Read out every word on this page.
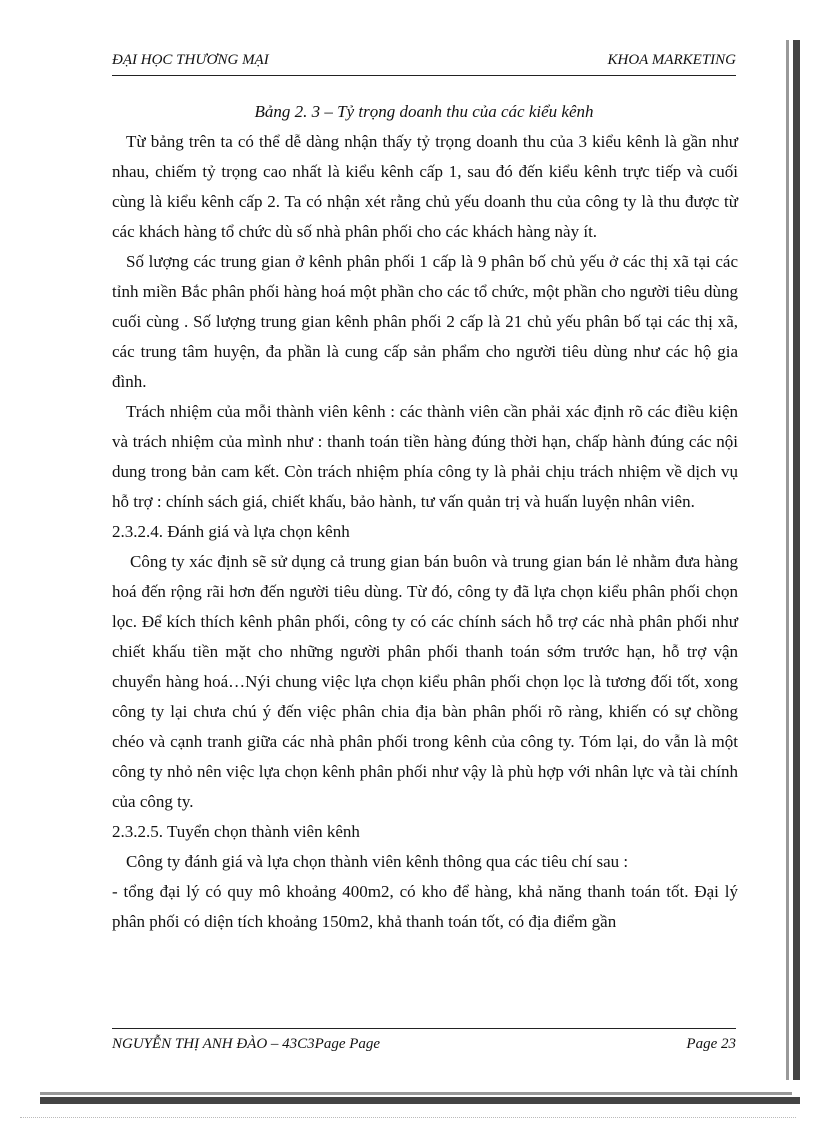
ĐẠI HỌC THƯƠNG MẠI	KHOA MARKETING
Bảng 2. 3 – Tỷ trọng doanh thu của các kiểu kênh

Từ bảng trên ta có thể dễ dàng nhận thấy tỷ trọng doanh thu của 3 kiểu kênh là gần như nhau, chiếm tỷ trọng cao nhất là kiểu kênh cấp 1, sau đó đến kiểu kênh trực tiếp và cuối cùng là kiểu kênh cấp 2. Ta có nhận xét rằng chủ yếu doanh thu của công ty là thu được từ các khách hàng tổ chức dù số nhà phân phối cho các khách hàng này ít.

Số lượng các trung gian ở kênh phân phối 1 cấp là 9 phân bố chủ yếu ở các thị xã tại các tỉnh miền Bắc phân phối hàng hoá một phần cho các tổ chức, một phần cho người tiêu dùng cuối cùng . Số lượng trung gian kênh phân phối 2 cấp là 21 chủ yếu phân bố tại các thị xã, các trung tâm huyện, đa phần là cung cấp sản phẩm cho người tiêu dùng như các hộ gia đình.

Trách nhiệm của mỗi thành viên kênh : các thành viên cần phải xác định rõ các điều kiện và trách nhiệm của mình như : thanh toán tiền hàng đúng thời hạn, chấp hành đúng các nội dung trong bản cam kết. Còn trách nhiệm phía công ty là phải chịu trách nhiệm về dịch vụ hỗ trợ : chính sách giá, chiết khấu, bảo hành, tư vấn quản trị và huấn luyện nhân viên.

2.3.2.4. Đánh giá và lựa chọn kênh

Công ty xác định sẽ sử dụng cả trung gian bán buôn và trung gian bán lẻ nhằm đưa hàng hoá đến rộng rãi hơn đến người tiêu dùng. Từ đó, công ty đã lựa chọn kiểu phân phối chọn lọc. Để kích thích kênh phân phối, công ty có các chính sách hỗ trợ các nhà phân phối như chiết khấu tiền mặt cho những người phân phối thanh toán sớm trước hạn, hỗ trợ vận chuyển hàng hoá…Nýi chung việc lựa chọn kiểu phân phối chọn lọc là tương đối tốt, xong công ty lại chưa chú ý đến việc phân chia địa bàn phân phối rõ ràng, khiến có sự chồng chéo và cạnh tranh giữa các nhà phân phối trong kênh của công ty. Tóm lại, do vẫn là một công ty nhỏ nên việc lựa chọn kênh phân phối như vậy là phù hợp với nhân lực và tài chính của công ty.

2.3.2.5. Tuyển chọn thành viên kênh

Công ty đánh giá và lựa chọn thành viên kênh thông qua các tiêu chí sau :

- tổng đại lý có quy mô khoảng 400m2, có kho để hàng, khả năng thanh toán tốt. Đại lý phân phối có diện tích khoảng 150m2, khả thanh toán tốt, có địa điểm gần

NGUYỄN THỊ ANH ĐÀO – 43C3Page Page	Page 23
